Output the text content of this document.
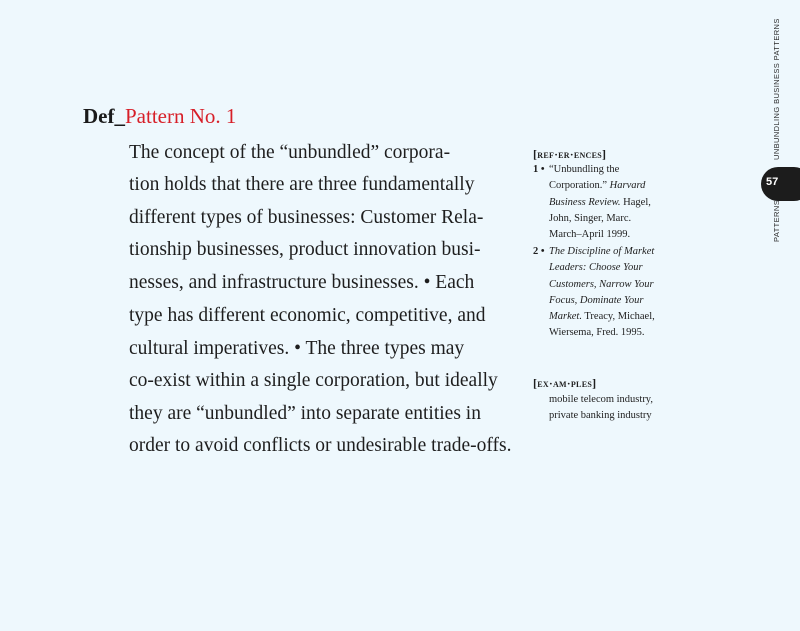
Def_Pattern No. 1
The concept of the “unbundled” corpora-
tion holds that there are three fundamentally
different types of businesses: Customer Rela-
tionship businesses, product innovation busi-
nesses, and infrastructure businesses. • Each
type has different economic, competitive, and
cultural imperatives. • The three types may
co-exist within a single corporation, but ideally
they are “unbundled” into separate entities in
order to avoid conflicts or undesirable trade-offs.
[ref·er·ences]
1 • “Unbundling the
Corporation.” Harvard
Business Review. Hagel,
John, Singer, Marc.
March–April 1999.
2 • The Discipline of Market
Leaders: Choose Your
Customers, Narrow Your
Focus, Dominate Your
Market. Treacy, Michael,
Wiersema, Fred. 1995.
[ex·am·ples]
mobile telecom industry,
private banking industry
57
UNBUNDLING BUSINESS PATTERNS
PATTERNS
